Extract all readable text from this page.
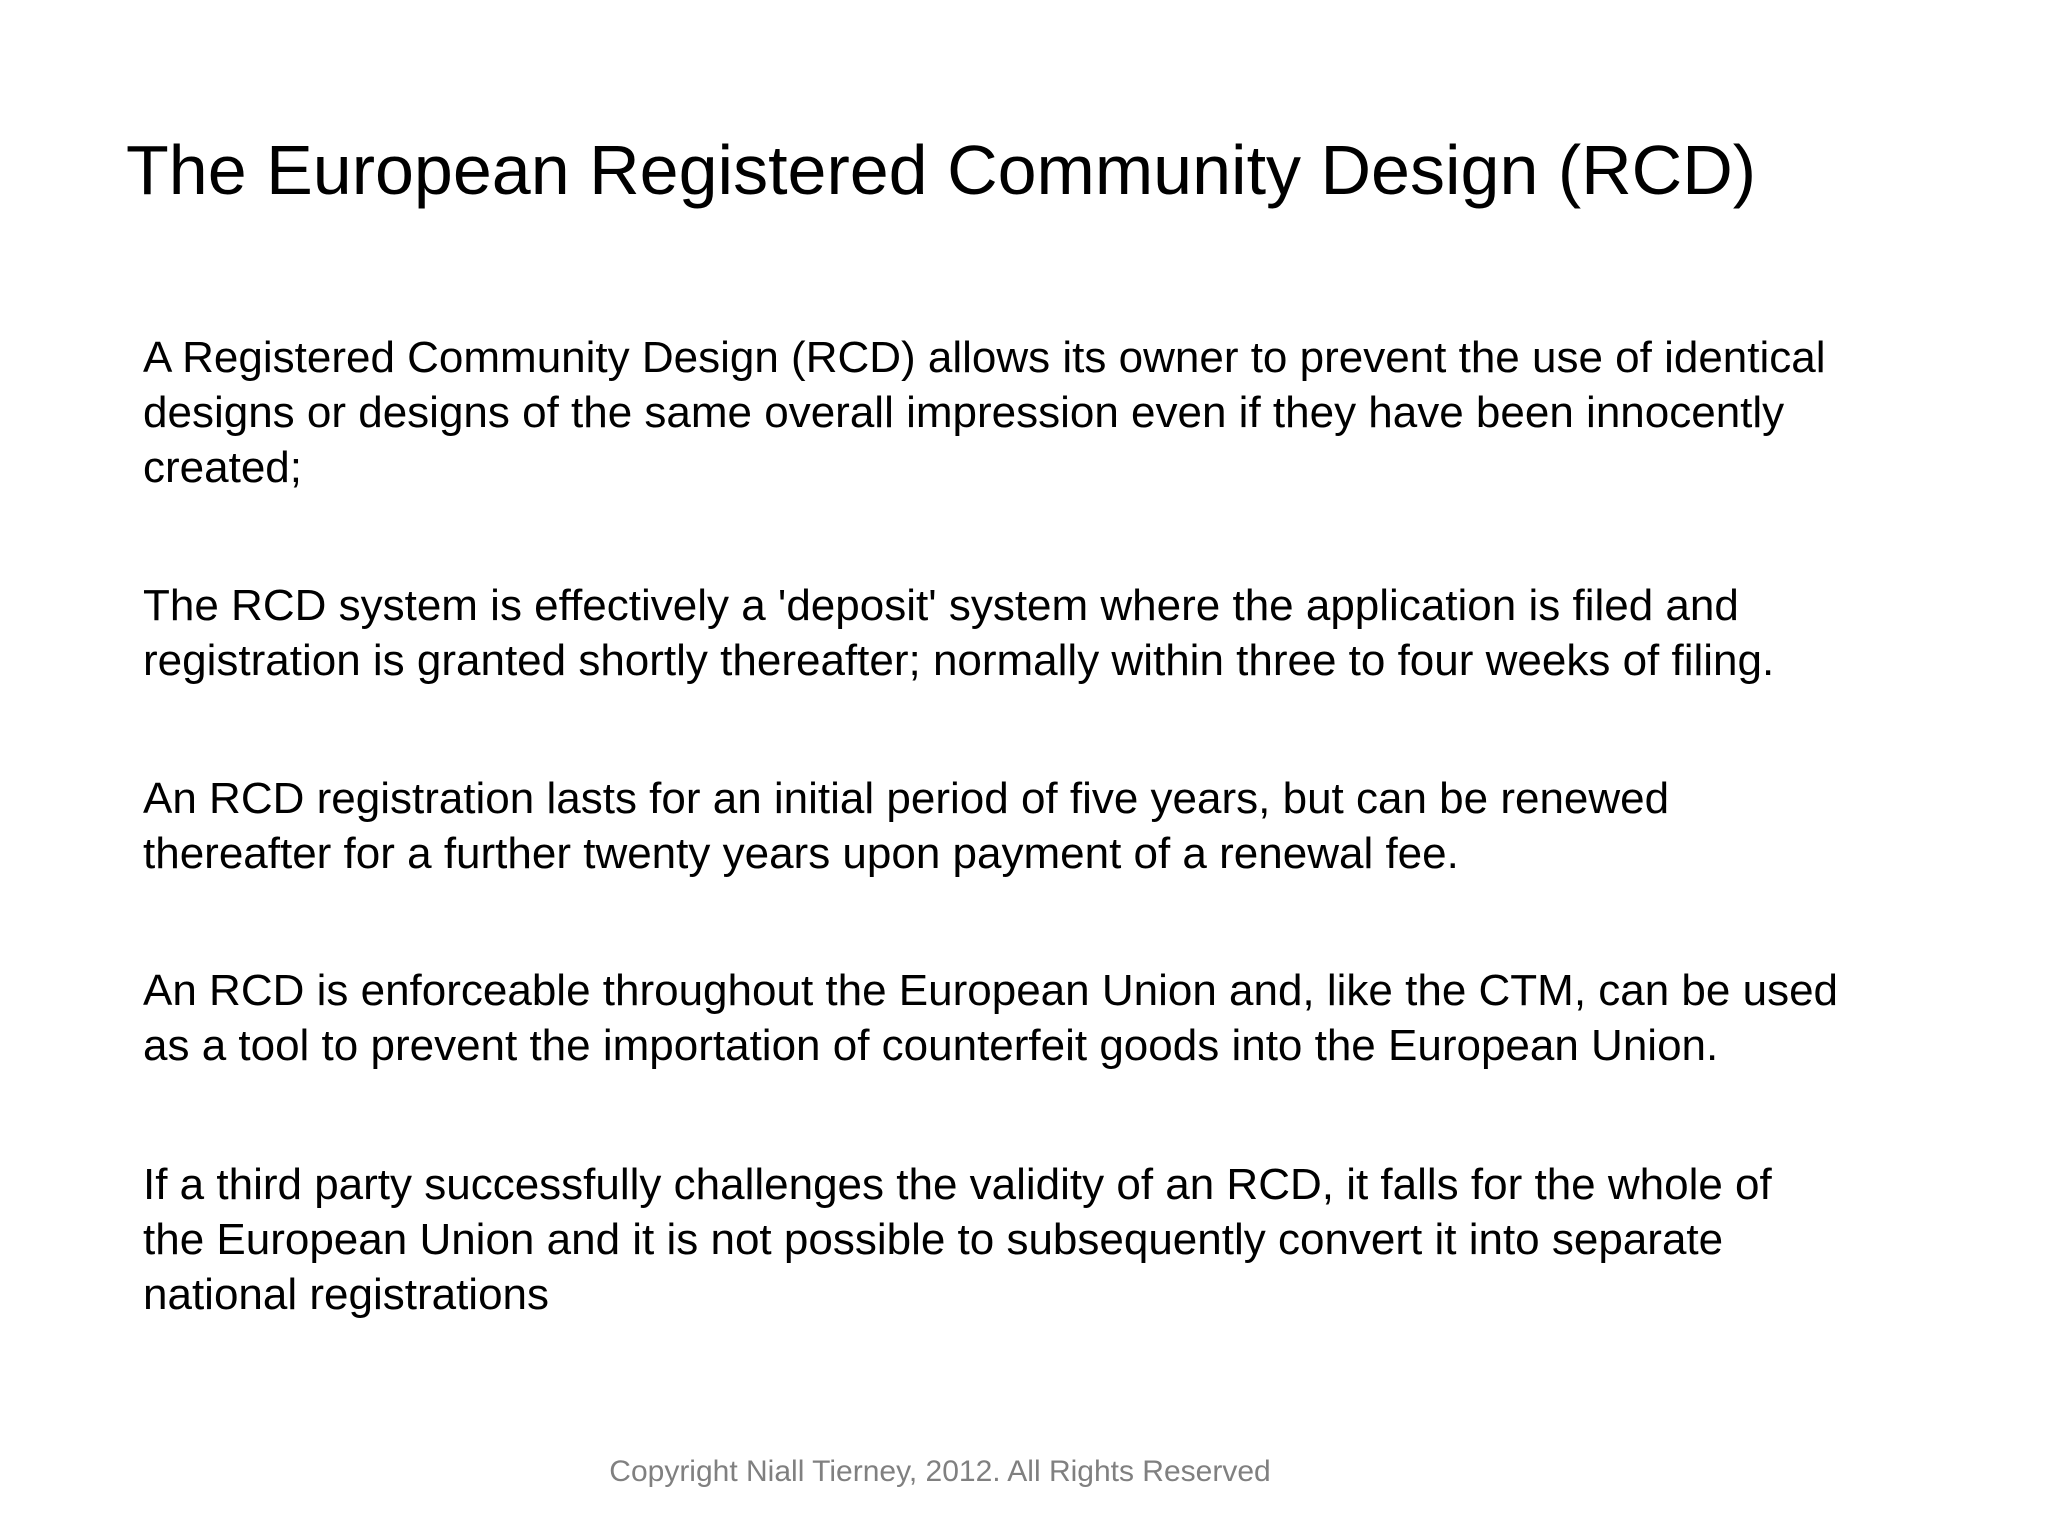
The European Registered Community Design (RCD)

A Registered Community Design (RCD) allows its owner to prevent the use of identical
designs or designs of the same overall impression even if they have been innocently
created;

The RCD system is effectively a 'deposit' system where the application is filed and
registration is granted shortly thereafter; normally within three to four weeks of filing.

An RCD registration lasts for an initial period of five years, but can be renewed
thereafter for a further twenty years upon payment of a renewal fee.

An RCD is enforceable throughout the European Union and, like the CTM, can be used
as a tool to prevent the importation of counterfeit goods into the European Union.

If a third party successfully challenges the validity of an RCD, it falls for the whole of
the European Union and it is not possible to subsequently convert it into separate
national registrations

Copyright Niall Tierney, 2012. All Rights Reserved
